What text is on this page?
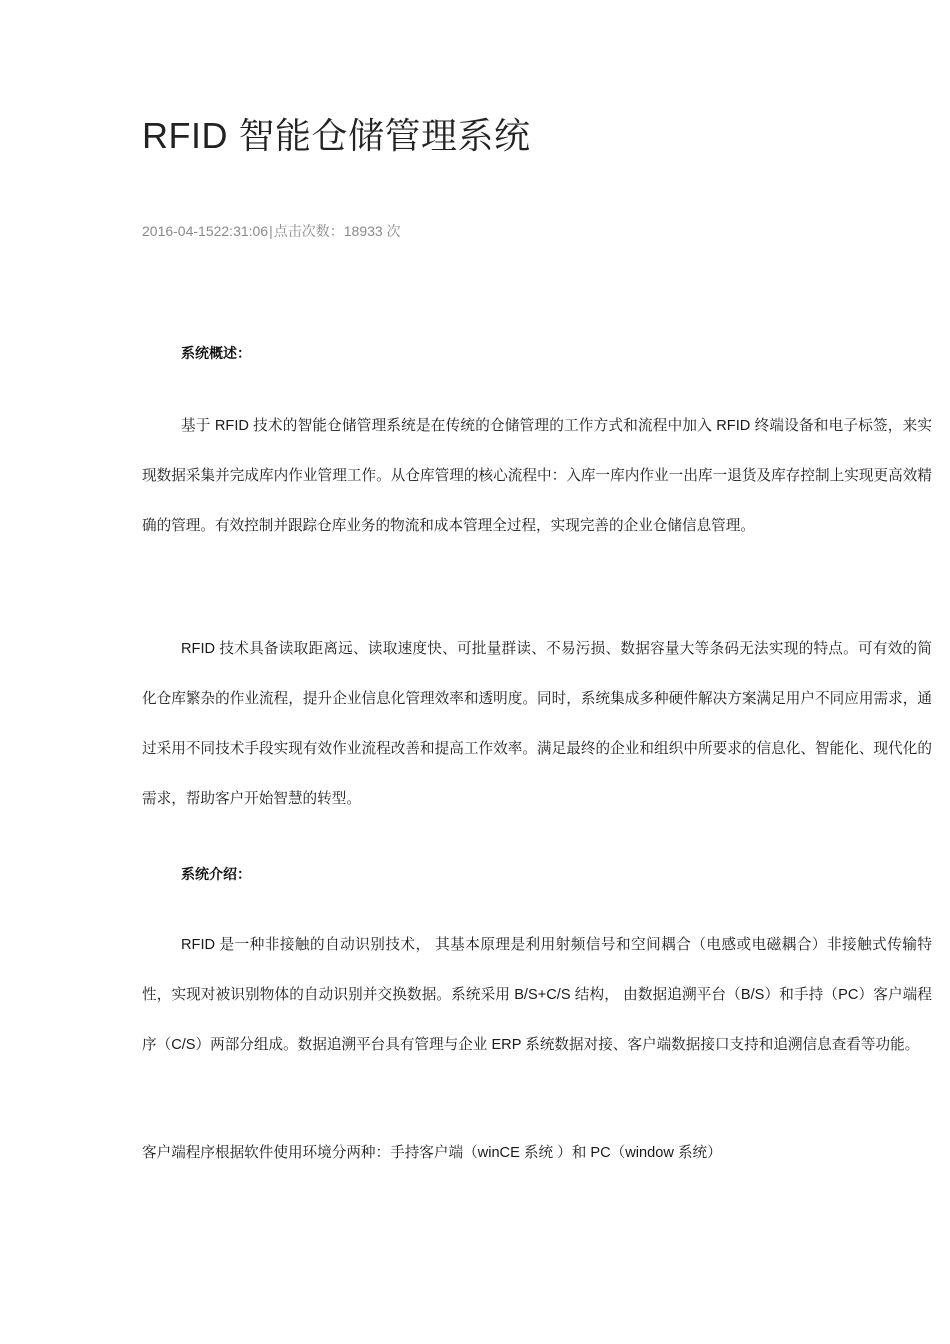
RFID 智能仓储管理系统
2016-04-1522:31:06|点击次数：18933 次
系统概述：

基于 RFID 技术的智能仓储管理系统是在传统的仓储管理的工作方式和流程中加入 RFID 终端设备和电子标签，来实现数据采集并完成库内作业管理工作。从仓库管理的核心流程中：入库一库内作业一出库一退货及库存控制上实现更高效精确的管理。有效控制并跟踪仓库业务的物流和成本管理全过程，实现完善的企业仓储信息管理。

RFID 技术具备读取距离远、读取速度快、可批量群读、不易污损、数据容量大等条码无法实现的特点。可有效的简化仓库繁杂的作业流程，提升企业信息化管理效率和透明度。同时，系统集成多种硬件解决方案满足用户不同应用需求，通过采用不同技术手段实现有效作业流程改善和提高工作效率。满足最终的企业和组织中所要求的信息化、智能化、现代化的需求，帮助客户开始智慧的转型。

系统介绍：

RFID 是一种非接触的自动识别技术， 其基本原理是利用射频信号和空间耦合（电感或电磁耦合）非接触式传输特性，实现对被识别物体的自动识别并交换数据。系统采用 B/S+C/S 结构， 由数据追溯平台（B/S）和手持（PC）客户端程序（C/S）两部分组成。数据追溯平台具有管理与企业 ERP 系统数据对接、客户端数据接口支持和追溯信息查看等功能。

客户端程序根据软件使用环境分两种：手持客户端（winCE 系统 ）和 PC（window 系统）
